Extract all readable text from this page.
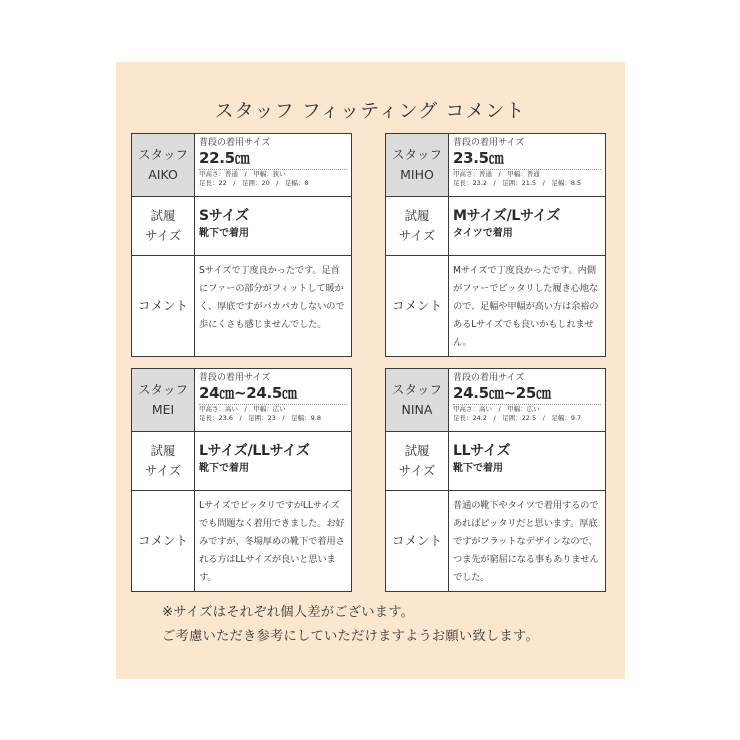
スタッフ フィッティング コメント
スタッフ
AIKO
普段の着用サイズ
22.5㎝
甲高さ：普通　/　甲幅：狭い
足長：22　/　足囲：20　/　足幅：8
試履
サイズ
Sサイズ
靴下で着用
コメント
Sサイズで丁度良かったです。足首にファーの部分がフィットして暖かく、厚底ですがパカパカしないので歩にくさも感じませんでした。
スタッフ
MIHO
普段の着用サイズ
23.5㎝
甲高さ：普通　/　甲幅：普通
足長：23.2　/　足囲：21.5　/　足幅：8.5
試履
サイズ
Mサイズ/Lサイズ
タイツで着用
コメント
Mサイズで丁度良かったです。内側がファーでピッタリした履き心地なので、足幅や甲幅が高い方は余裕のあるLサイズでも良いかもしれません。
スタッフ
MEI
普段の着用サイズ
24㎝~24.5㎝
甲高さ：高い　/　甲幅：広い
足長：23.6　/　足囲：23　/　足幅：9.8
試履
サイズ
Lサイズ/LLサイズ
靴下で着用
コメント
LサイズでピッタリですがLLサイズでも問題なく着用できました。お好みですが、冬場厚めの靴下で着用される方はLLサイズが良いと思います。
スタッフ
NINA
普段の着用サイズ
24.5㎝~25㎝
甲高さ：高い　/　甲幅：広い
足長：24.2　/　足囲：22.5　/　足幅：9.7
試履
サイズ
LLサイズ
靴下で着用
コメント
普通の靴下やタイツで着用するのであればピッタリだと思います。厚底ですがフラットなデザインなので、つま先が窮屈になる事もありませんでした。
※サイズはそれぞれ個人差がございます。
ご考慮いただき参考にしていただけますようお願い致します。
